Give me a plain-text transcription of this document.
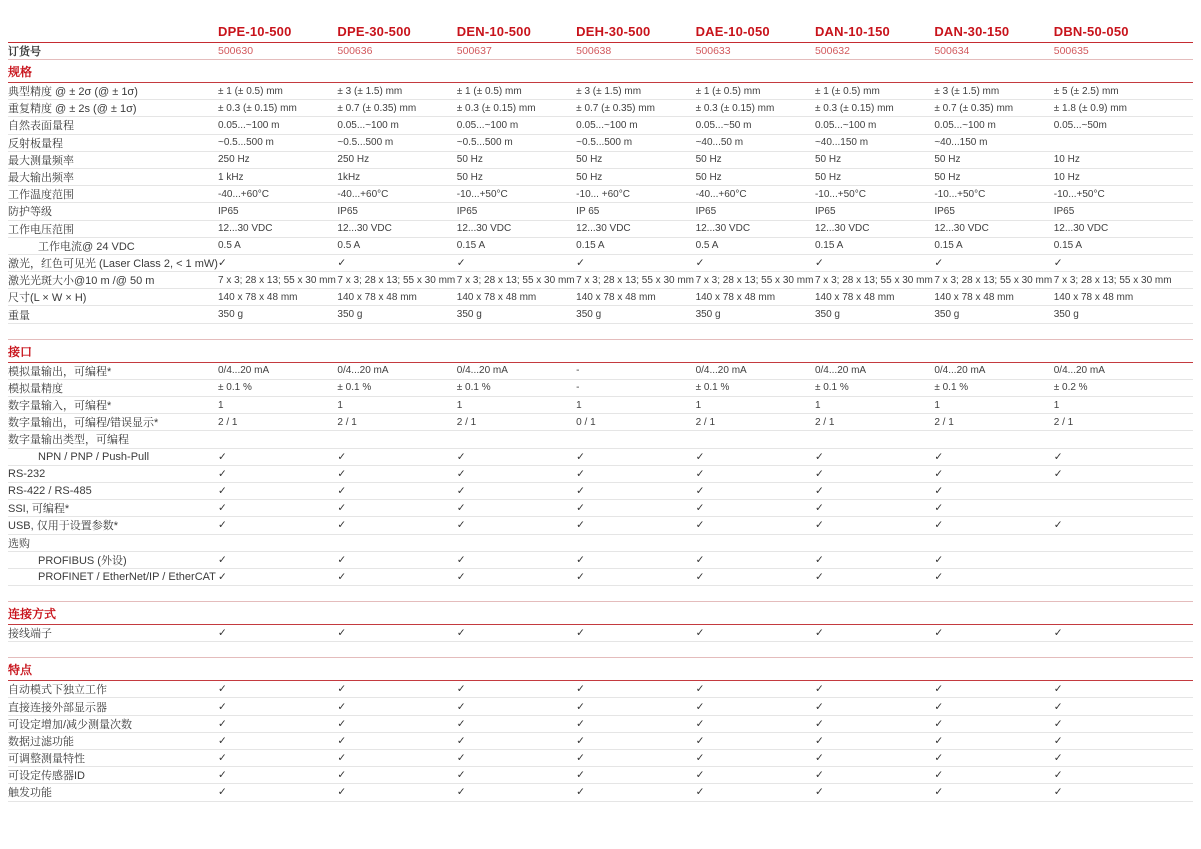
DPE-10-500	DPE-30-500	DEN-10-500	DEH-30-500	DAE-10-050	DAN-10-150	DAN-30-150	DBN-50-050
订货号	500630	500636	500637	500638	500633	500632	500634	500635
规格
典型精度 @ ± 2σ (@ ± 1σ)	± 1 (± 0.5) mm	± 3 (± 1.5) mm	± 1 (± 0.5) mm	± 3 (± 1.5) mm	± 1 (± 0.5) mm	± 1 (± 0.5) mm	± 3 (± 1.5) mm	± 5 (± 2.5) mm
重复精度 @ ± 2s (@ ± 1σ)	± 0.3 (± 0.15) mm	± 0.7 (± 0.35) mm	± 0.3 (± 0.15) mm	± 0.7 (± 0.35) mm	± 0.3 (± 0.15) mm	± 0.3 (± 0.15) mm	± 0.7 (± 0.35) mm	± 1.8 (± 0.9) mm
自然表面量程	0.05...~100 m	0.05...~100 m	0.05...~100 m	0.05...~100 m	0.05...~50 m	0.05...~100 m	0.05...~100 m	0.05...~50m
反射板量程	~0.5...500 m	~0.5...500 m	~0.5...500 m	~0.5...500 m	~40...50 m	~40...150 m	~40...150 m
最大测量频率	250 Hz	250 Hz	50 Hz	50 Hz	50 Hz	50 Hz	50 Hz	10 Hz
最大输出频率	1 kHz	1kHz	50 Hz	50 Hz	50 Hz	50 Hz	50 Hz	10 Hz
工作温度范围	-40...+60°C	-40...+60°C	-10...+50°C	-10... +60°C	-40...+60°C	-10...+50°C	-10...+50°C	-10...+50°C
防护等级	IP65	IP65	IP65	IP 65	IP65	IP65	IP65	IP65
工作电压范围	12...30 VDC	12...30 VDC	12...30 VDC	12...30 VDC	12...30 VDC	12...30 VDC	12...30 VDC	12...30 VDC
工作电流@ 24 VDC	0.5 A	0.5 A	0.15 A	0.15 A	0.5 A	0.15 A	0.15 A	0.15 A
激光，红色可见光 (Laser Class 2, < 1 mW) ✓	✓	✓	✓	✓	✓	✓	✓
激光光斑大小@10 m /@ 50 m	7 x 3; 28 x 13; 55 x 30 mm 7 x 3; 28 x 13; 55 x 30 mm 7 x 3; 28 x 13; 55 x 30 mm 7 x 3; 28 x 13; 55 x 30 mm 7 x 3; 28 x 13; 55 x 30 mm 7 x 3; 28 x 13; 55 x 30 mm 7 x 3; 28 x 13; 55 x 30 mm 7 x 3; 28 x 13; 55 x 30 mm
尺寸(L × W × H)	140 x 78 x 48 mm	140 x 78 x 48 mm	140 x 78 x 48 mm	140 x 78 x 48 mm	140 x 78 x 48 mm	140 x 78 x 48 mm	140 x 78 x 48 mm	140 x 78 x 48 mm
重量	350 g	350 g	350 g	350 g	350 g	350 g	350 g	350 g
接口
模拟量输出，可编程*	0/4...20 mA	0/4...20 mA	0/4...20 mA	-	0/4...20 mA	0/4...20 mA	0/4...20 mA	0/4...20 mA
模拟量精度	± 0.1 %	± 0.1 %	± 0.1 %	-	± 0.1 %	± 0.1 %	± 0.1 %	± 0.2 %
数字量输入，可编程*	1	1	1	1	1	1	1	1
数字量输出，可编程/错误显示*	2 / 1	2 / 1	2 / 1	0 / 1	2 / 1	2 / 1	2 / 1	2 / 1
数字量输出类型，可编程
NPN / PNP / Push-Pull	✓	✓	✓	✓	✓	✓	✓	✓
RS-232	✓	✓	✓	✓	✓	✓	✓	✓
RS-422 / RS-485	✓	✓	✓	✓	✓	✓	✓
SSI, 可编程*	✓	✓	✓	✓	✓	✓	✓
USB, 仅用于设置参数*	✓	✓	✓	✓	✓	✓	✓	✓
选购
PROFIBUS (外设)	✓	✓	✓	✓	✓	✓	✓
PROFINET / EtherNet/IP / EtherCAT ✓	✓	✓	✓	✓	✓	✓
连接方式
接线端子	✓	✓	✓	✓	✓	✓	✓	✓
特点
自动模式下独立工作	✓	✓	✓	✓	✓	✓	✓	✓
直接连接外部显示器	✓	✓	✓	✓	✓	✓	✓	✓
可设定增加/减少测量次数	✓	✓	✓	✓	✓	✓	✓	✓
数据过滤功能	✓	✓	✓	✓	✓	✓	✓	✓
可调整测量特性	✓	✓	✓	✓	✓	✓	✓	✓
可设定传感器ID	✓	✓	✓	✓	✓	✓	✓	✓
触发功能	✓	✓	✓	✓	✓	✓	✓	✓
